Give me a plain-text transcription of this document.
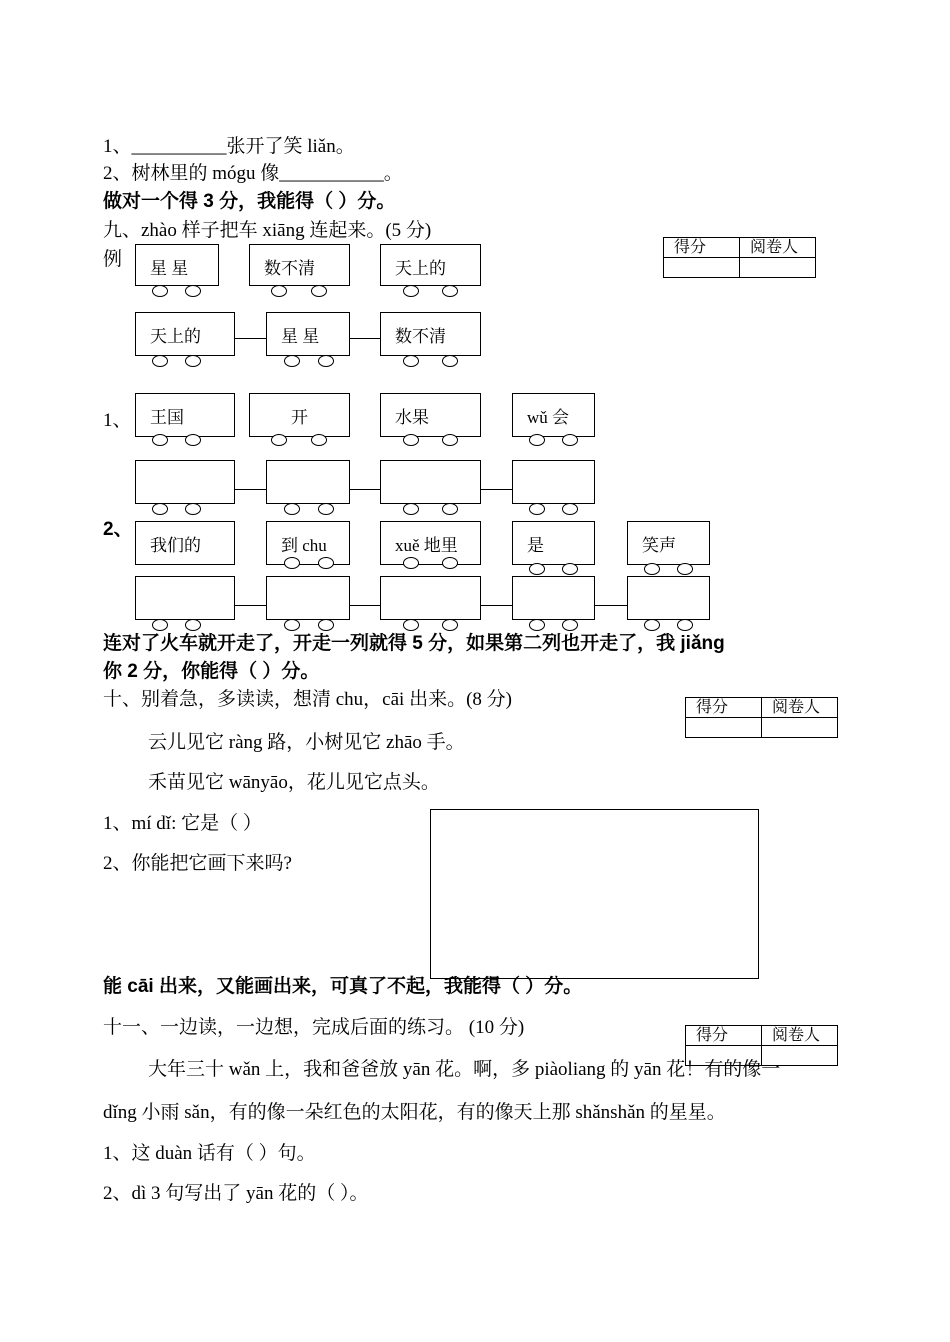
1、__________张开了笑 liǎn。
2、树林里的 mógu 像___________。
做对一个得 3 分，我能得（ ）分。
九、zhào 样子把车 xiāng 连起来。(5 分)
例
得分	阅卷人

星 星	数不清	天上的
天上的	星 星	数不清
1、 王国	开	水果	wǔ 会
2、
我们的	到 chu	xuě 地里	是	笑声
连对了火车就开走了，开走一列就得 5 分，如果第二列也开走了，我 jiǎng
你 2 分，你能得（ ）分。
十、别着急，多读读，想清 chu，cāi 出来。(8 分)	得分	阅卷人

云儿见它 ràng 路，小树见它 zhāo 手。
禾苗见它 wānyāo，花儿见它点头。
1、mí dǐ: 它是（ ）
2、你能把它画下来吗?
能 cāi 出来，又能画出来，可真了不起，我能得（ ）分。
十一、一边读，一边想，完成后面的练习。 (10 分)	得分	阅卷人

大年三十 wǎn 上，我和爸爸放 yān 花。啊，多 piàoliang 的 yān 花！有的像一
dǐng 小雨 sǎn，有的像一朵红色的太阳花，有的像天上那 shǎnshǎn 的星星。
1、这 duàn 话有（ ）句。
2、dì 3 句写出了 yān 花的（ ）。
